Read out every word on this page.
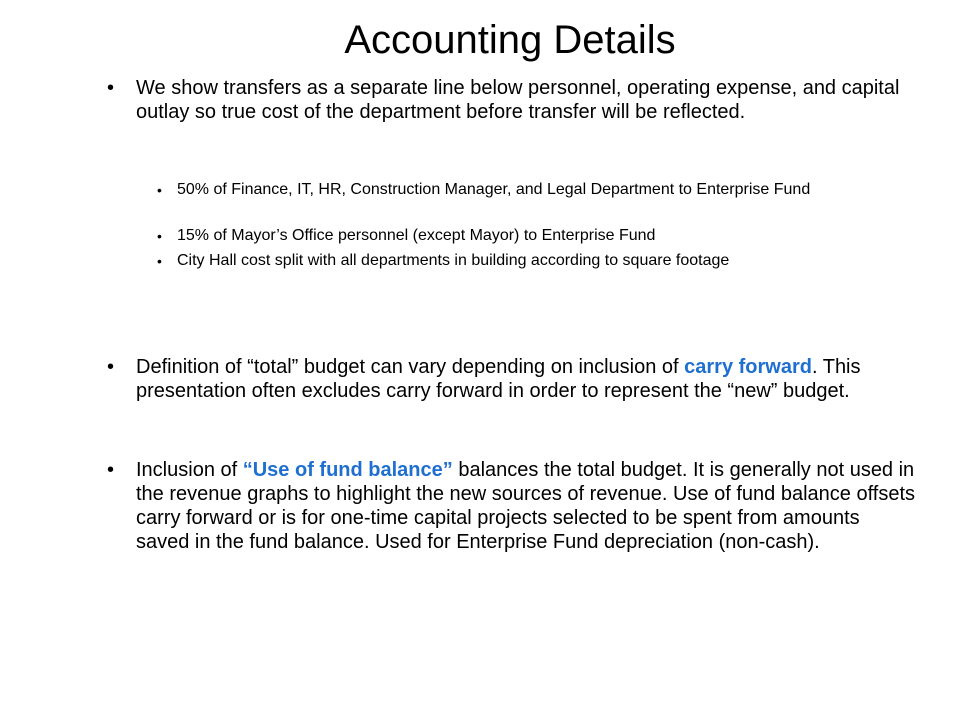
Accounting Details
• We show transfers as a separate line below personnel, operating expense, and capital outlay so true cost of the department before transfer will be reflected.
• 50% of Finance, IT, HR, Construction Manager, and Legal Department to Enterprise Fund
• 15% of Mayor’s Office personnel (except Mayor) to Enterprise Fund
• City Hall cost split with all departments in building according to square footage
• Definition of “total” budget can vary depending on inclusion of carry forward. This presentation often excludes carry forward in order to represent the “new” budget.
• Inclusion of “Use of fund balance” balances the total budget. It is generally not used in the revenue graphs to highlight the new sources of revenue. Use of fund balance offsets carry forward or is for one-time capital projects selected to be spent from amounts saved in the fund balance. Used for Enterprise Fund depreciation (non-cash).
